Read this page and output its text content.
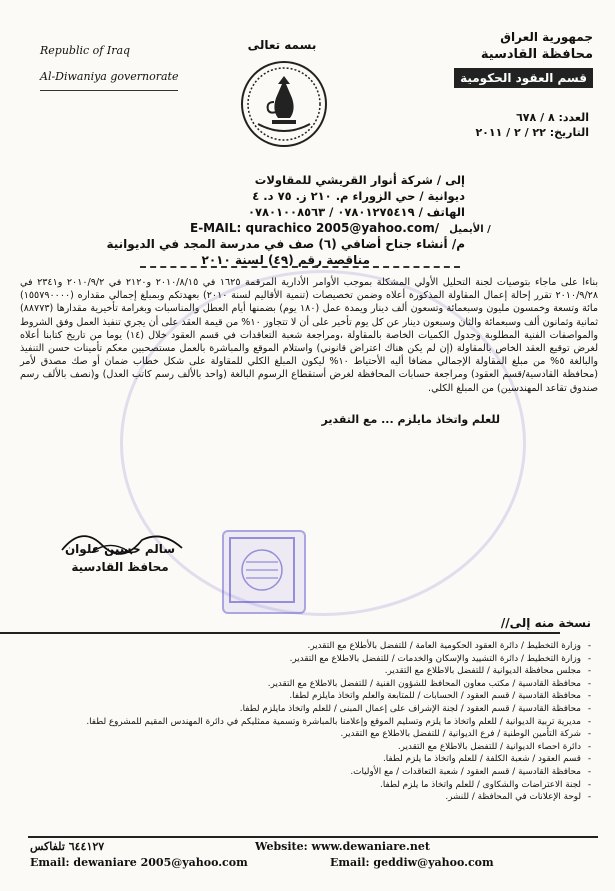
Republic of Iraq
Al-Diwaniya governorate
بسمه تعالى
جمهورية العراق
محافظة القادسية
قسم العقود الحكومية
العدد: ٨ / ٦٧٨
التاريخ: ٢٢ / ٢ / ٢٠١١
إلى / شركة أنوار القريشي للمقاولات
ديوانية / حي الزوراء م. ٢١٠ ز. ٧٥ د. ٤
الهاتف / ٠٧٨٠١٢٧٥٤١٩ / ٠٧٨٠١٠٠٨٥٦٣
E-MAIL: qurachico 2005@yahoo.com/ الأيميل /
م/ أنشاء جناح أضافي (٦) صف في مدرسة المجد في الديوانية
مناقصة رقم (٤٩) لسنة ٢٠١٠
بناءا على ماجاء بتوصيات لجنة التحليل الأولي المشكلة بموجب الأوامر الأدارية المرقمة ١٦٢٥ في ٢٠١٠/٨/١٥ و٢١٢٠ في ٢٠١٠/٩/٢ و٢٣٤١ في ٢٠١٠/٩/٢٨ تقرر إحالة إعمال المقاولة المذكورة أعلاه وضمن تخصيصات (تنمية الأقاليم لسنة ٢٠١٠) بعهدتكم وبمبلغ إجمالي مقداره (١٥٥٧٩٠٠٠٠) مائة وتسعة وخمسون مليون وسبعمائة وتسعون ألف دينار ويمدة عمل (١٨٠ يوم) بضمنها أيام العطل والمناسبات وبغرامة تأخيرية مقدارها (٨٨٧٧٣) ثمانية وثمانون ألف وسبعمائة والثان وسبعون دينار عن كل يوم تأخير على أن لا تتجاوز ١٠% من قيمة العقد على أن يجري تنفيذ العمل وفق الشروط والمواصفات الفنية المطلوبة وجدول الكميات الخاصة بالمقاولة ،ومراجعة شعبة التعاقدات في قسم العقود خلال (١٤) يوما من تاريخ كتابنا أعلاه لغرض توقيع العقد الخاص بالمقاولة (إن لم يكن هناك اعتراض قانوني) واستلام الموقع والمباشرة بالعمل مستصحبين معكم تأمينات حسن التنفيذ والبالغة ٥% من مبلغ المقاولة الإجمالي مضافا أليه الأحتياط ١٠% ليكون المبلغ الكلي للمقاولة على شكل خطاب ضمان أو صك مصدق لأمر (محافظة القادسية/قسم العقود) ومراجعة حسابات المحافظة لغرض أستقطاع الرسوم البالغة (واحد بالألف رسم كاتب العدل) و(نصف بالألف رسم صندوق تقاعد المهندسين) من المبلغ الكلي.
للعلم واتخاذ مايلزم ... مع التقدير
سالم حسين علوان
محافظ القادسية
نسخة منه إلى//
- وزارة التخطيط / دائرة العقود الحكومية العامة / للتفضل بالأطلاع مع التقدير.
- وزارة التخطيط / دائرة التشييد والإسكان والخدمات / للتفضل بالاطلاع مع التقدير.
- مجلس محافظة الديوانية / للتفضل بالاطلاع مع التقدير.
- محافظة القادسية / مكتب معاون المحافظ للشؤون الفنية / للتفضل بالاطلاع مع التقدير.
- محافظة القادسية / قسم العقود / الحسابات / للمتابعة والعلم واتخاذ مايلزم لطفا.
- محافظة القادسية / قسم العقود / لجنة الإشراف على إعمال المبنى / للعلم واتخاذ مايلزم لطفا.
- مديرية تربية الديوانية / للعلم واتخاذ ما يلزم وتسليم الموقع وإعلامنا بالمباشرة وتسمية ممثليكم في دائرة المهندس المقيم للمشروع لطفا.
- شركة التأمين الوطنية / فرع الديوانية / للتفضل بالاطلاع مع التقدير.
- دائرة احصاء الديوانية / للتفضل بالاطلاع مع التقدير.
- قسم العقود / شعبة الكلفة / للعلم واتخاذ ما يلزم لطفا.
- محافظة القادسية / قسم العقود / شعبة التعاقدات / مع الأوليات.
- لجنة الاعتراضات والشكاوى / للعلم واتخاذ ما يلزم لطفا.
- لوحة الإعلانات في المحافظة / للنشر.
٦٤٤١٢٧ تلفاكس	Website: www.dewaniare.net
Email: dewaniare 2005@yahoo.com	Email: geddiw@yahoo.com
